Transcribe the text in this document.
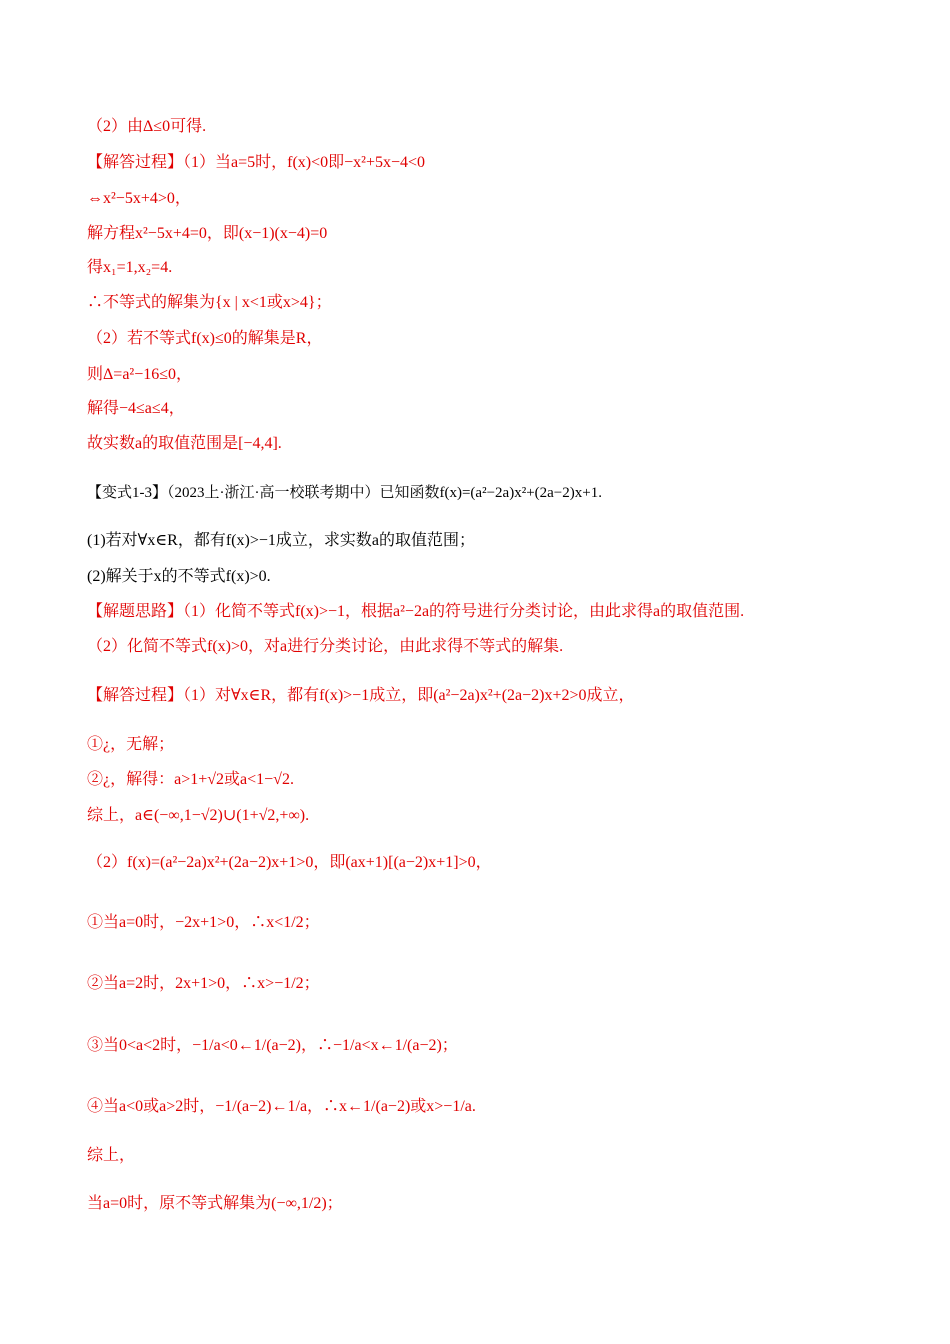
（2）由Δ≤0可得.
【解答过程】（1）当a=5时，f(x)<0即−x²+5x−4<0
⇔x²−5x+4>0，
解方程x²−5x+4=0，即(x−1)(x−4)=0
得x₁=1,x₂=4.
∴不等式的解集为{x | x<1或x>4}；
（2）若不等式f(x)≤0的解集是R，
则Δ=a²−16≤0，
解得−4≤a≤4，
故实数a的取值范围是[−4,4].
【变式1-3】（2023上·浙江·高一校联考期中）已知函数f(x)=(a²−2a)x²+(2a−2)x+1.
(1)若对∀x∈R，都有f(x)>−1成立，求实数a的取值范围；
(2)解关于x的不等式f(x)>0.
【解题思路】（1）化简不等式f(x)>−1，根据a²−2a的符号进行分类讨论，由此求得a的取值范围.
（2）化简不等式f(x)>0，对a进行分类讨论，由此求得不等式的解集.
【解答过程】（1）对∀x∈R，都有f(x)>−1成立，即(a²−2a)x²+(2a−2)x+2>0成立，
①¿，无解；
②¿，解得：a>1+√2或a<1−√2.
综上，a∈(−∞,1−√2)∪(1+√2,+∞).
（2）f(x)=(a²−2a)x²+(2a−2)x+1>0，即(ax+1)[(a−2)x+1]>0，
①当a=0时，−2x+1>0，∴x<1/2；
②当a=2时，2x+1>0，∴x>−1/2；
③当0<a<2时，−1/a<0←1/(a−2)，∴−1/a<x←1/(a−2)；
④当a<0或a>2时，−1/(a−2)←1/a，∴x←1/(a−2)或x>−1/a.
综上，
当a=0时，原不等式解集为(−∞,1/2)；
